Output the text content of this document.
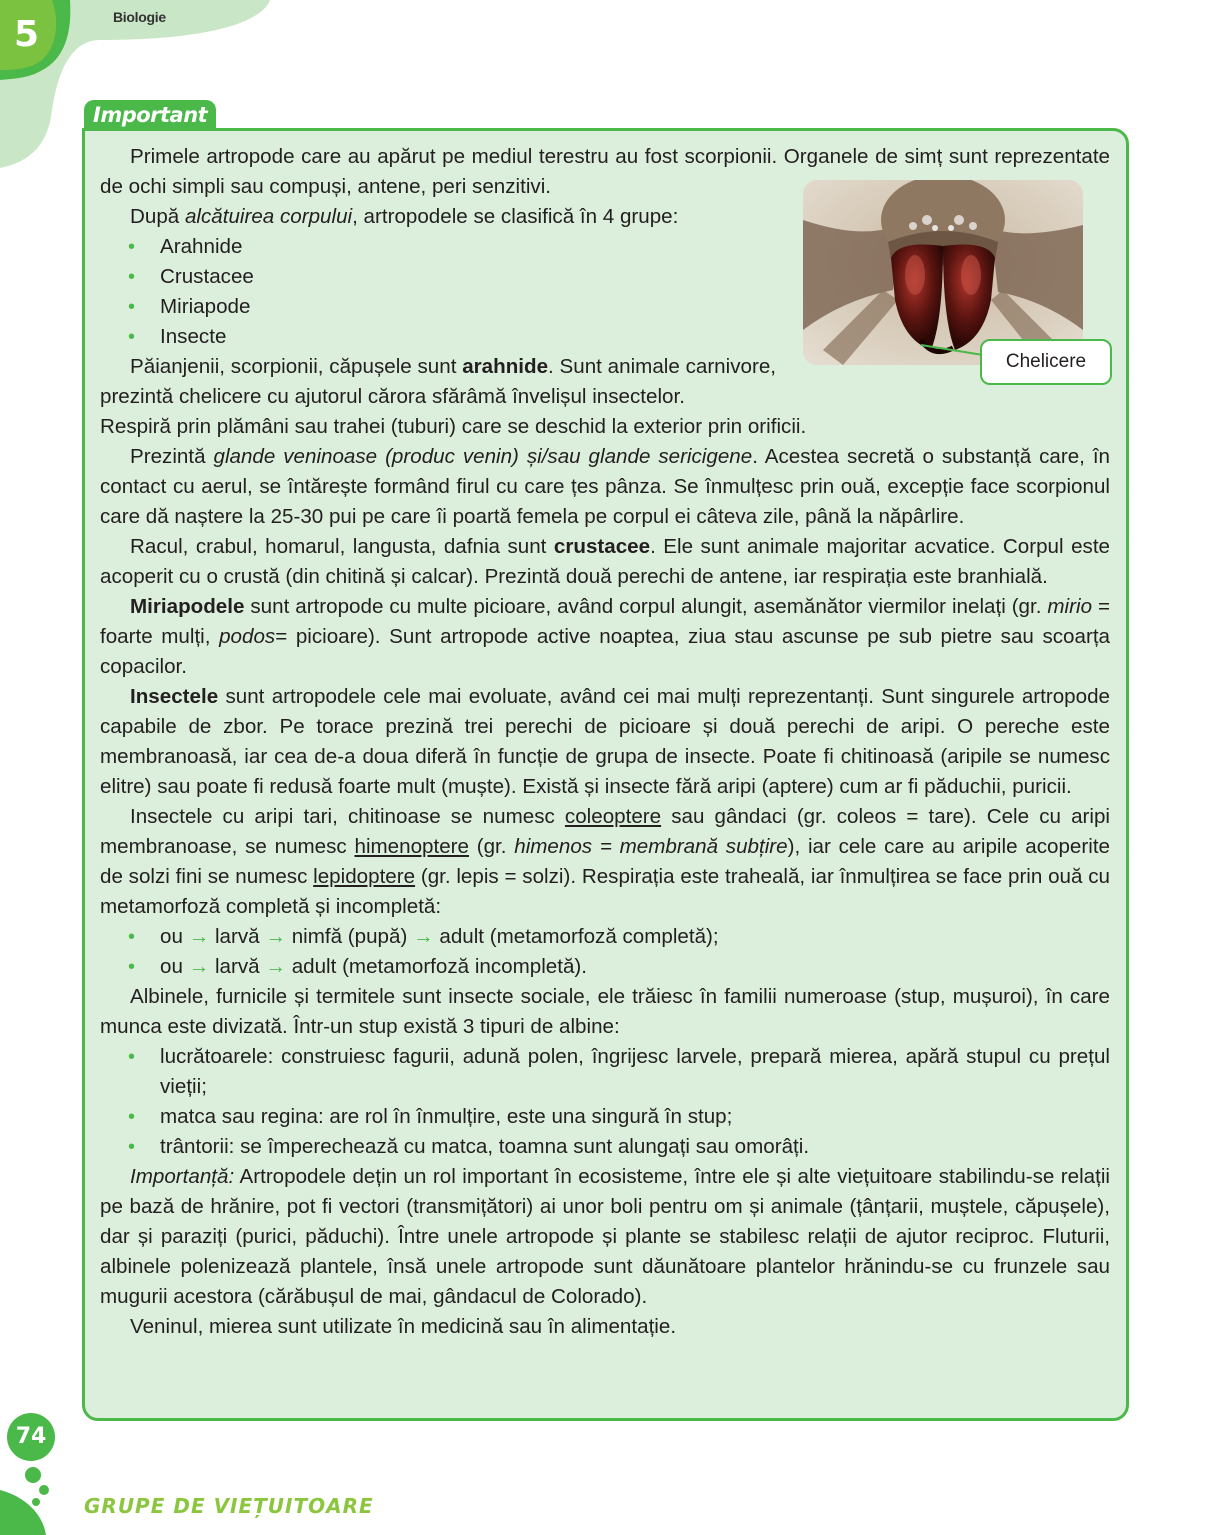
5	Biologie
Important
Chelicere

Primele artropode care au apărut pe mediul terestru au fost scorpionii. Organele de simț sunt reprezentate de ochi simpli sau compuși, antene, peri senzitivi.

După alcătuirea corpului, artropodele se clasifică în 4 grupe:

• Arahnide
• Crustacee
• Miriapode
• Insecte

Păianjenii, scorpionii, căpușele sunt arahnide. Sunt animale carnivore, prezintă chelicere cu ajutorul cărora sfărâmă învelișul insectelor.

Respiră prin plămâni sau trahei (tuburi) care se deschid la exterior prin orificii.

Prezintă glande veninoase (produc venin) și/sau glande sericigene. Acestea secretă o substanță care, în contact cu aerul, se întărește formând firul cu care țes pânza. Se înmulțesc prin ouă, excepție face scorpionul care dă naștere la 25-30 pui pe care îi poartă femela pe corpul ei câteva zile, până la năpârlire.

Racul, crabul, homarul, langusta, dafnia sunt crustacee. Ele sunt animale majoritar acvatice. Corpul este acoperit cu o crustă (din chitină și calcar). Prezintă două perechi de antene, iar respirația este branhială.

Miriapodele sunt artropode cu multe picioare, având corpul alungit, asemănător viermilor inelați (gr. mirio = foarte mulți, podos= picioare). Sunt artropode active noaptea, ziua stau ascunse pe sub pietre sau scoarța copacilor.

Insectele sunt artropodele cele mai evoluate, având cei mai mulți reprezentanți. Sunt singurele artropode capabile de zbor. Pe torace prezină trei perechi de picioare și două perechi de aripi. O pereche este membranoasă, iar cea de-a doua diferă în funcție de grupa de insecte. Poate fi chitinoasă (aripile se numesc elitre) sau poate fi redusă foarte mult (muște). Există și insecte fără aripi (aptere) cum ar fi păduchii, puricii.

Insectele cu aripi tari, chitinoase se numesc coleoptere sau gândaci (gr. coleos = tare). Cele cu aripi membranoase, se numesc himenoptere (gr. himenos = membrană subțire), iar cele care au aripile acoperite de solzi fini se numesc lepidoptere (gr. lepis = solzi). Respirația este traheală, iar înmulțirea se face prin ouă cu metamorfoză completă și incompletă:

• ou → larvă → nimfă (pupă) → adult (metamorfoză completă);
• ou → larvă → adult (metamorfoză incompletă).

Albinele, furnicile și termitele sunt insecte sociale, ele trăiesc în familii numeroase (stup, mușuroi), în care munca este divizată. Într-un stup există 3 tipuri de albine:

• lucrătoarele: construiesc fagurii, adună polen, îngrijesc larvele, prepară mierea, apără stupul cu prețul vieții;
• matca sau regina: are rol în înmulțire, este una singură în stup;
• trântorii: se împerechează cu matca, toamna sunt alungați sau omorâți.

Importanță: Artropodele dețin un rol important în ecosisteme, între ele și alte viețuitoare stabilindu-se relații pe bază de hrănire, pot fi vectori (transmițători) ai unor boli pentru om și animale (țânțarii, muștele, căpușele), dar și paraziți (purici, păduchi). Între unele artropode și plante se stabilesc relații de ajutor reciproc. Fluturii, albinele polenizează plantele, însă unele artropode sunt dăunătoare plantelor hrănindu-se cu frunzele sau mugurii acestora (cărăbușul de mai, gândacul de Colorado).

Veninul, mierea sunt utilizate în medicină sau în alimentație.

74
GRUPE DE VIEȚUITOARE
